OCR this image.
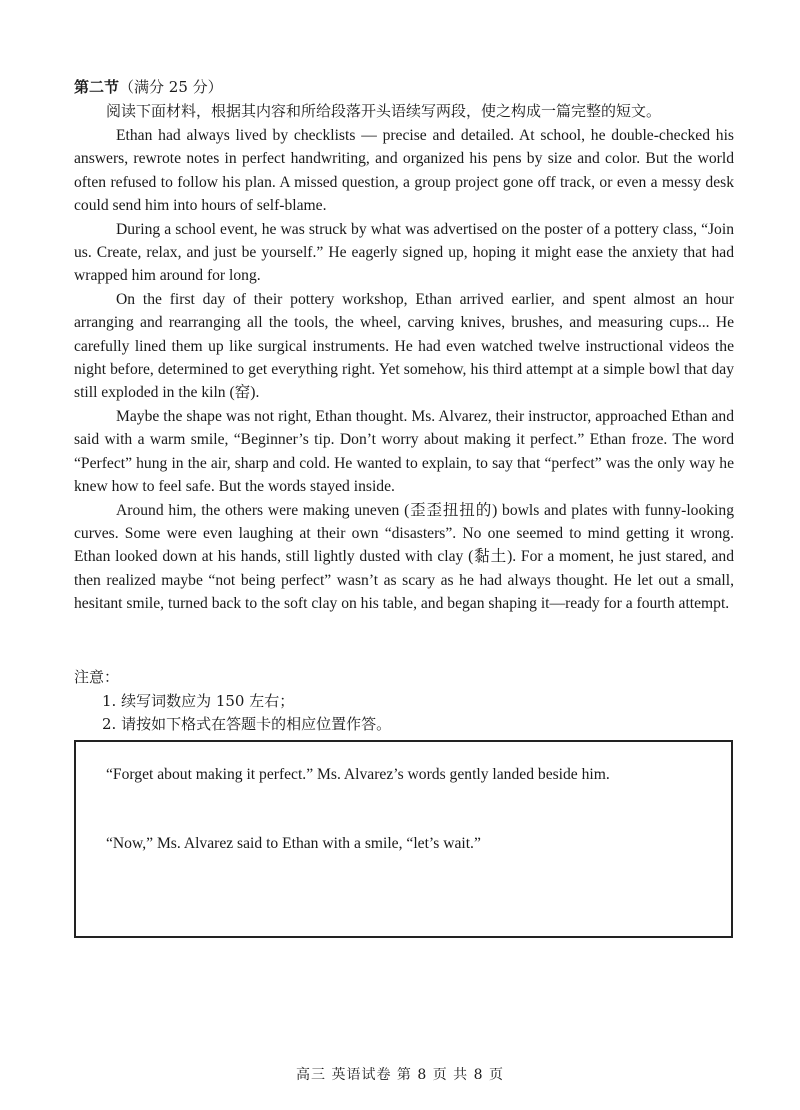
第二节（满分 25 分）
阅读下面材料，根据其内容和所给段落开头语续写两段，使之构成一篇完整的短文。

Ethan had always lived by checklists — precise and detailed. At school, he double-checked his answers, rewrote notes in perfect handwriting, and organized his pens by size and color. But the world often refused to follow his plan. A missed question, a group project gone off track, or even a messy desk could send him into hours of self-blame.

During a school event, he was struck by what was advertised on the poster of a pottery class, “Join us. Create, relax, and just be yourself.” He eagerly signed up, hoping it might ease the anxiety that had wrapped him around for long.

On the first day of their pottery workshop, Ethan arrived earlier, and spent almost an hour arranging and rearranging all the tools, the wheel, carving knives, brushes, and measuring cups... He carefully lined them up like surgical instruments. He had even watched twelve instructional videos the night before, determined to get everything right. Yet somehow, his third attempt at a simple bowl that day still exploded in the kiln (窑).

Maybe the shape was not right, Ethan thought. Ms. Alvarez, their instructor, approached Ethan and said with a warm smile, “Beginner’s tip. Don’t worry about making it perfect.” Ethan froze. The word “Perfect” hung in the air, sharp and cold. He wanted to explain, to say that “perfect” was the only way he knew how to feel safe. But the words stayed inside.

Around him, the others were making uneven (歪歪扭扭的) bowls and plates with funny-looking curves. Some were even laughing at their own “disasters”. No one seemed to mind getting it wrong. Ethan looked down at his hands, still lightly dusted with clay (黏土). For a moment, he just stared, and then realized maybe “not being perfect” wasn’t as scary as he had always thought. He let out a small, hesitant smile, turned back to the soft clay on his table, and began shaping it—ready for a fourth attempt.

注意：
1. 续写词数应为 150 左右；
2. 请按如下格式在答题卡的相应位置作答。
“Forget about making it perfect.” Ms. Alvarez’s words gently landed beside him.
“Now,” Ms. Alvarez said to Ethan with a smile, “let’s wait.”
高三 英语试卷 第 8 页 共 8 页
